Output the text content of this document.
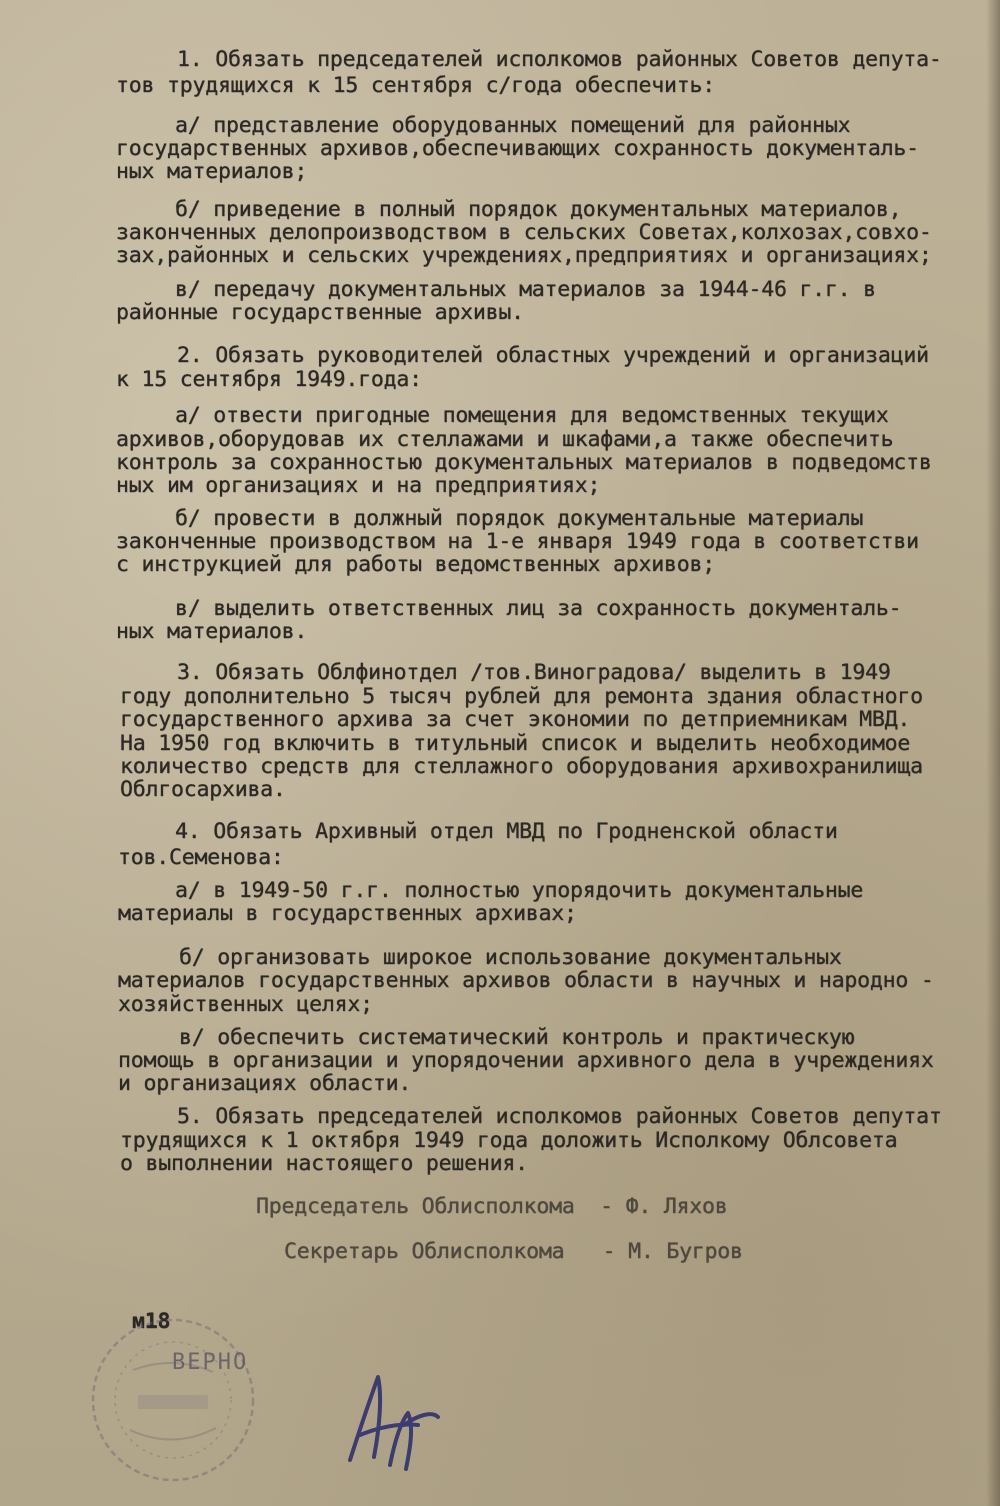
1. Обязать председателей исполкомов районных Советов депута-
тов трудящихся к 15 сентября с/года обеспечить:
а/ представление оборудованных помещений для районных
государственных архивов,обеспечивающих сохранность документаль-
ных материалов;
б/ приведение в полный порядок документальных материалов,
законченных делопроизводством в сельских Советах,колхозах,совхо-
зах,районных и сельских учреждениях,предприятиях и организациях;
в/ передачу документальных материалов за 1944-46 г.г. в
районные государственные архивы.
2. Обязать руководителей областных учреждений и организаций
к 15 сентября 1949.года:
а/ отвести пригодные помещения для ведомственных текущих
архивов,оборудовав их стеллажами и шкафами,а также обеспечить
контроль за сохранностью документальных материалов в подведомств
ных им организациях и на предприятиях;
б/ провести в должный порядок документальные материалы
законченные производством на 1-е января 1949 года в соответстви
с инструкцией для работы ведомственных архивов;
в/ выделить ответственных лиц за сохранность документаль-
ных материалов.
3. Обязать Облфинотдел /тов.Виноградова/ выделить в 1949
году дополнительно 5 тысяч рублей для ремонта здания областного
государственного архива за счет экономии по детприемникам МВД.
На 1950 год включить в титульный список и выделить необходимое
количество средств для стеллажного оборудования архивохранилища
Облгосархива.
4. Обязать Архивный отдел МВД по Гродненской области
тов.Семенова:
а/ в 1949-50 г.г. полностью упорядочить документальные
материалы в государственных архивах;
б/ организовать широкое использование документальных
материалов государственных архивов области в научных и народно -
хозяйственных целях;
в/ обеспечить систематический контроль и практическую
помощь в организации и упорядочении архивного дела в учреждениях
и организациях области.
5. Обязать председателей исполкомов районных Советов депутат
трудящихся к 1 октября 1949 года доложить Исполкому Облсовета
о выполнении настоящего решения.
Председатель Облисполкома  - Ф. Ляхов
Секретарь Облисполкома   - М. Бугров
м18
ВЕРНО
